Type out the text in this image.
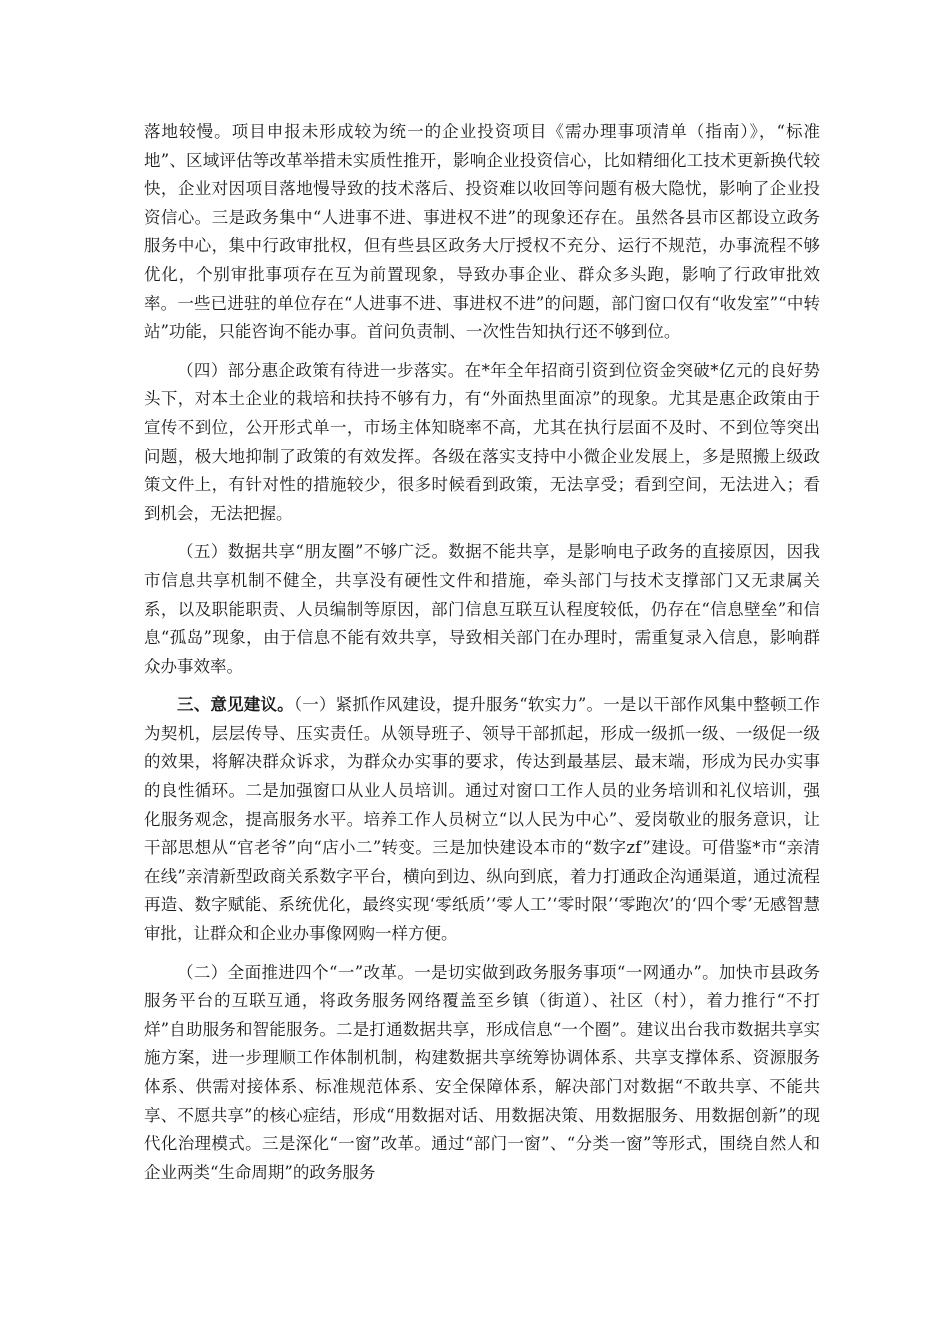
落地较慢。项目申报未形成较为统一的企业投资项目《需办理事项清单（指南）》，“标准地”、区域评估等改革举措未实质性推开，影响企业投资信心，比如精细化工技术更新换代较快，企业对因项目落地慢导致的技术落后、投资难以收回等问题有极大隐忧，影响了企业投资信心。三是政务集中“人进事不进、事进权不进”的现象还存在。虽然各县市区都设立政务服务中心，集中行政审批权，但有些县区政务大厅授权不充分、运行不规范，办事流程不够优化，个别审批事项存在互为前置现象，导致办事企业、群众多头跑，影响了行政审批效率。一些已进驻的单位存在“人进事不进、事进权不进”的问题，部门窗口仅有“收发室”“中转站”功能，只能咨询不能办事。首问负责制、一次性告知执行还不够到位。

（四）部分惠企政策有待进一步落实。在*年全年招商引资到位资金突破*亿元的良好势头下，对本土企业的栽培和扶持不够有力，有“外面热里面凉”的现象。尤其是惠企政策由于宣传不到位，公开形式单一，市场主体知晓率不高，尤其在执行层面不及时、不到位等突出问题，极大地抑制了政策的有效发挥。各级在落实支持中小微企业发展上，多是照搬上级政策文件上，有针对性的措施较少，很多时候看到政策，无法享受；看到空间，无法进入；看到机会，无法把握。

（五）数据共享“朋友圈”不够广泛。数据不能共享，是影响电子政务的直接原因，因我市信息共享机制不健全，共享没有硬性文件和措施，牵头部门与技术支撑部门又无隶属关系，以及职能职责、人员编制等原因，部门信息互联互认程度较低，仍存在“信息壁垒”和信息“孤岛”现象，由于信息不能有效共享，导致相关部门在办理时，需重复录入信息，影响群众办事效率。

三、意见建议。（一）紧抓作风建设，提升服务“软实力”。一是以干部作风集中整顿工作为契机，层层传导、压实责任。从领导班子、领导干部抓起，形成一级抓一级、一级促一级的效果，将解决群众诉求，为群众办实事的要求，传达到最基层、最末端，形成为民办实事的良性循环。二是加强窗口从业人员培训。通过对窗口工作人员的业务培训和礼仪培训，强化服务观念，提高服务水平。培养工作人员树立“以人民为中心”、爱岗敬业的服务意识，让干部思想从“官老爷”向“店小二”转变。三是加快建设本市的“数字zf”建设。可借鉴*市“亲清在线”亲清新型政商关系数字平台，横向到边、纵向到底，着力打通政企沟通渠道，通过流程再造、数字赋能、系统优化，最终实现‘零纸质’‘零人工’‘零时限’‘零跑次’的‘四个零’无感智慧审批，让群众和企业办事像网购一样方便。

（二）全面推进四个“一”改革。一是切实做到政务服务事项“一网通办”。加快市县政务服务平台的互联互通，将政务服务网络覆盖至乡镇（街道）、社区（村），着力推行“不打烊”自助服务和智能服务。二是打通数据共享，形成信息“一个圈”。建议出台我市数据共享实施方案，进一步理顺工作体制机制，构建数据共享统筹协调体系、共享支撑体系、资源服务体系、供需对接体系、标准规范体系、安全保障体系，解决部门对数据“不敢共享、不能共享、不愿共享”的核心症结，形成“用数据对话、用数据决策、用数据服务、用数据创新”的现代化治理模式。三是深化“一窗”改革。通过“部门一窗”、“分类一窗”等形式，围绕自然人和企业两类“生命周期”的政务服务
